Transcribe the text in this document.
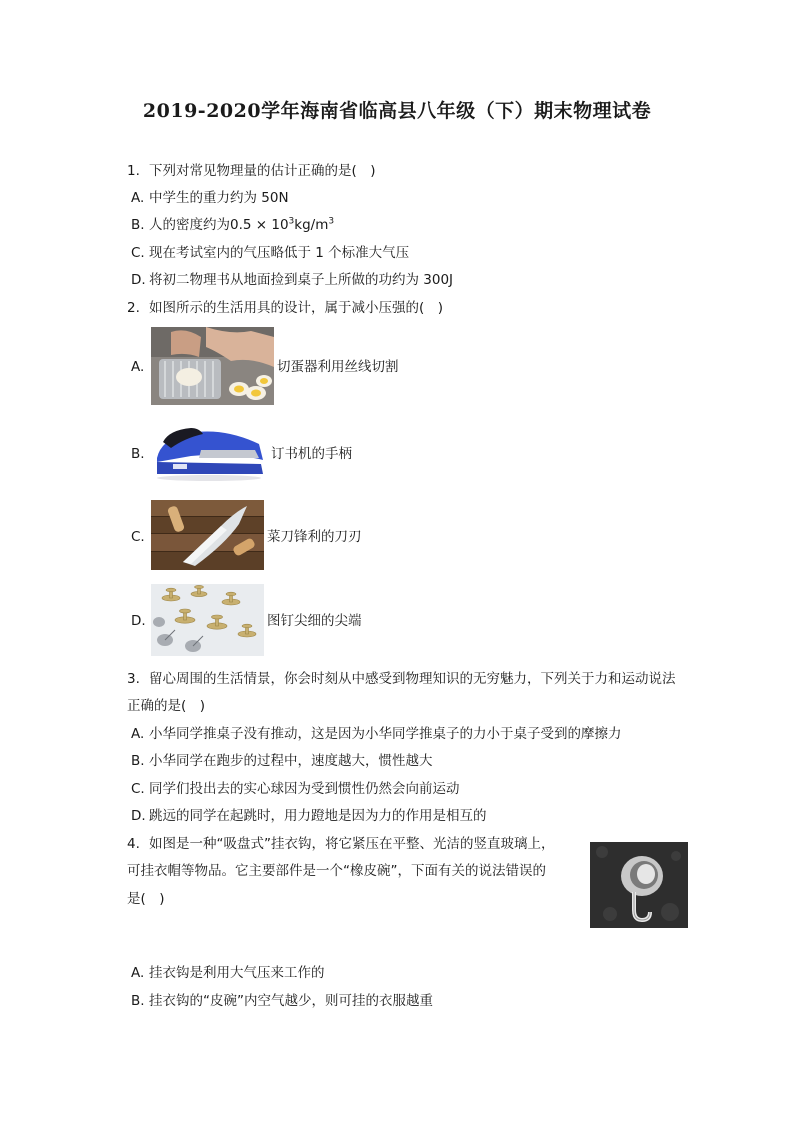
2019-2020学年海南省临高县八年级（下）期末物理试卷
1. 下列对常见物理量的估计正确的是(　)
A. 中学生的重力约为 50N
B. 人的密度约为$0.5 \times 10^3kg/m^3$
C. 现在考试室内的气压略低于 1 个标准大气压
D. 将初二物理书从地面捡到桌子上所做的功约为 300J
2. 如图所示的生活用具的设计，属于减小压强的(　)
A.	切蛋器利用丝线切割
B.	订书机的手柄
C.	菜刀锋利的刀刃
D.	图钉尖细的尖端
3. 留心周围的生活情景，你会时刻从中感受到物理知识的无穷魅力，下列关于力和运动说法
正确的是(　)
A. 小华同学推桌子没有推动，这是因为小华同学推桌子的力小于桌子受到的摩擦力
B. 小华同学在跑步的过程中，速度越大，惯性越大
C. 同学们投出去的实心球因为受到惯性仍然会向前运动
D. 跳远的同学在起跳时，用力蹬地是因为力的作用是相互的
4. 如图是一种“吸盘式”挂衣钩，将它紧压在平整、光洁的竖直玻璃上，
可挂衣帽等物品。它主要部件是一个“橡皮碗”，下面有关的说法错误的
是(　)
A. 挂衣钩是利用大气压来工作的
B. 挂衣钩的“皮碗”内空气越少，则可挂的衣服越重
